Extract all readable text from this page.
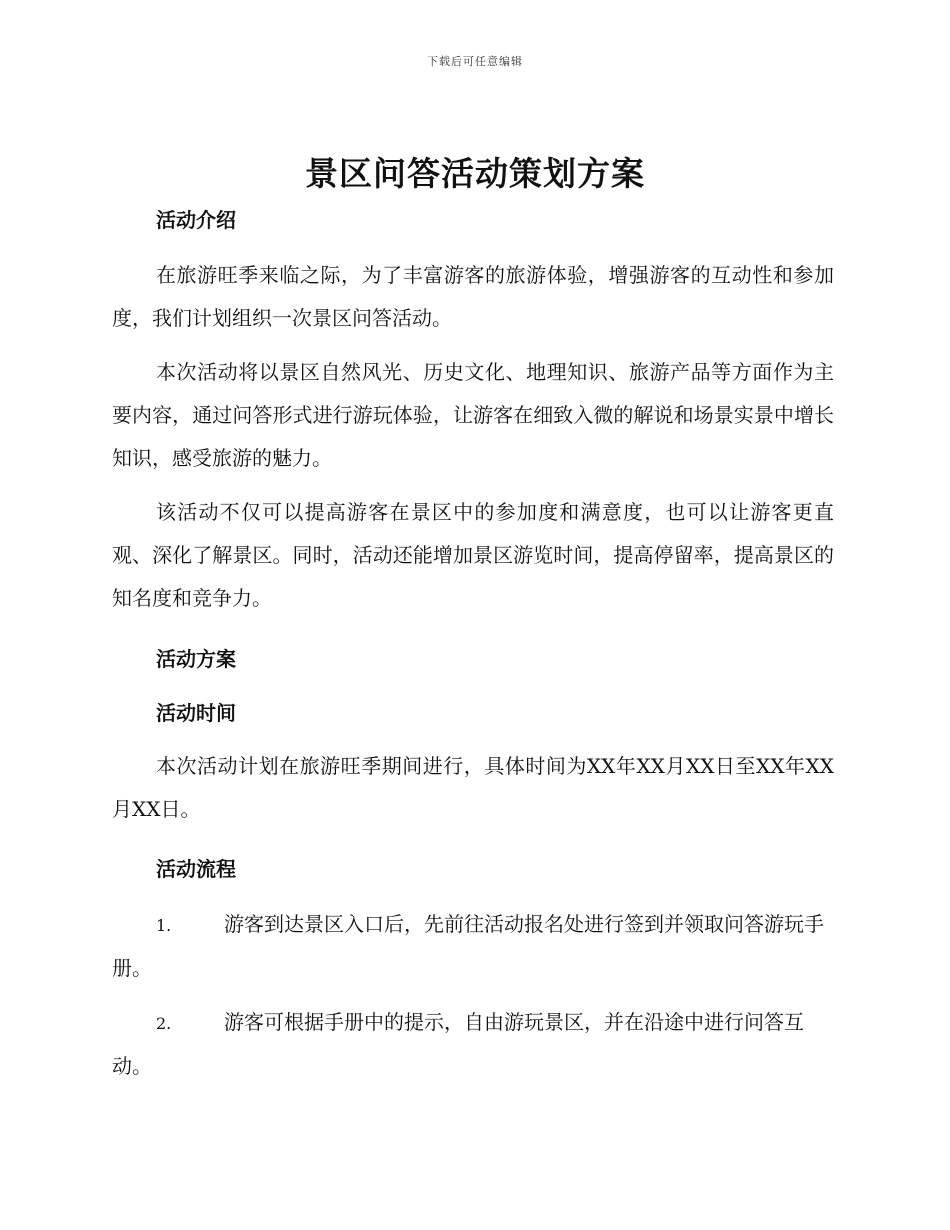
下载后可任意编辑
景区问答活动策划方案
活动介绍

在旅游旺季来临之际，为了丰富游客的旅游体验，增强游客的互动性和参加度，我们计划组织一次景区问答活动。

本次活动将以景区自然风光、历史文化、地理知识、旅游产品等方面作为主要内容，通过问答形式进行游玩体验，让游客在细致入微的解说和场景实景中增长知识，感受旅游的魅力。

该活动不仅可以提高游客在景区中的参加度和满意度，也可以让游客更直观、深化了解景区。同时，活动还能增加景区游览时间，提高停留率，提高景区的知名度和竞争力。

活动方案
活动时间

本次活动计划在旅游旺季期间进行，具体时间为XX年XX月XX日至XX年XX月XX日。

活动流程

1.	游客到达景区入口后，先前往活动报名处进行签到并领取问答游玩手册。

2.	游客可根据手册中的提示，自由游玩景区，并在沿途中进行问答互动。
